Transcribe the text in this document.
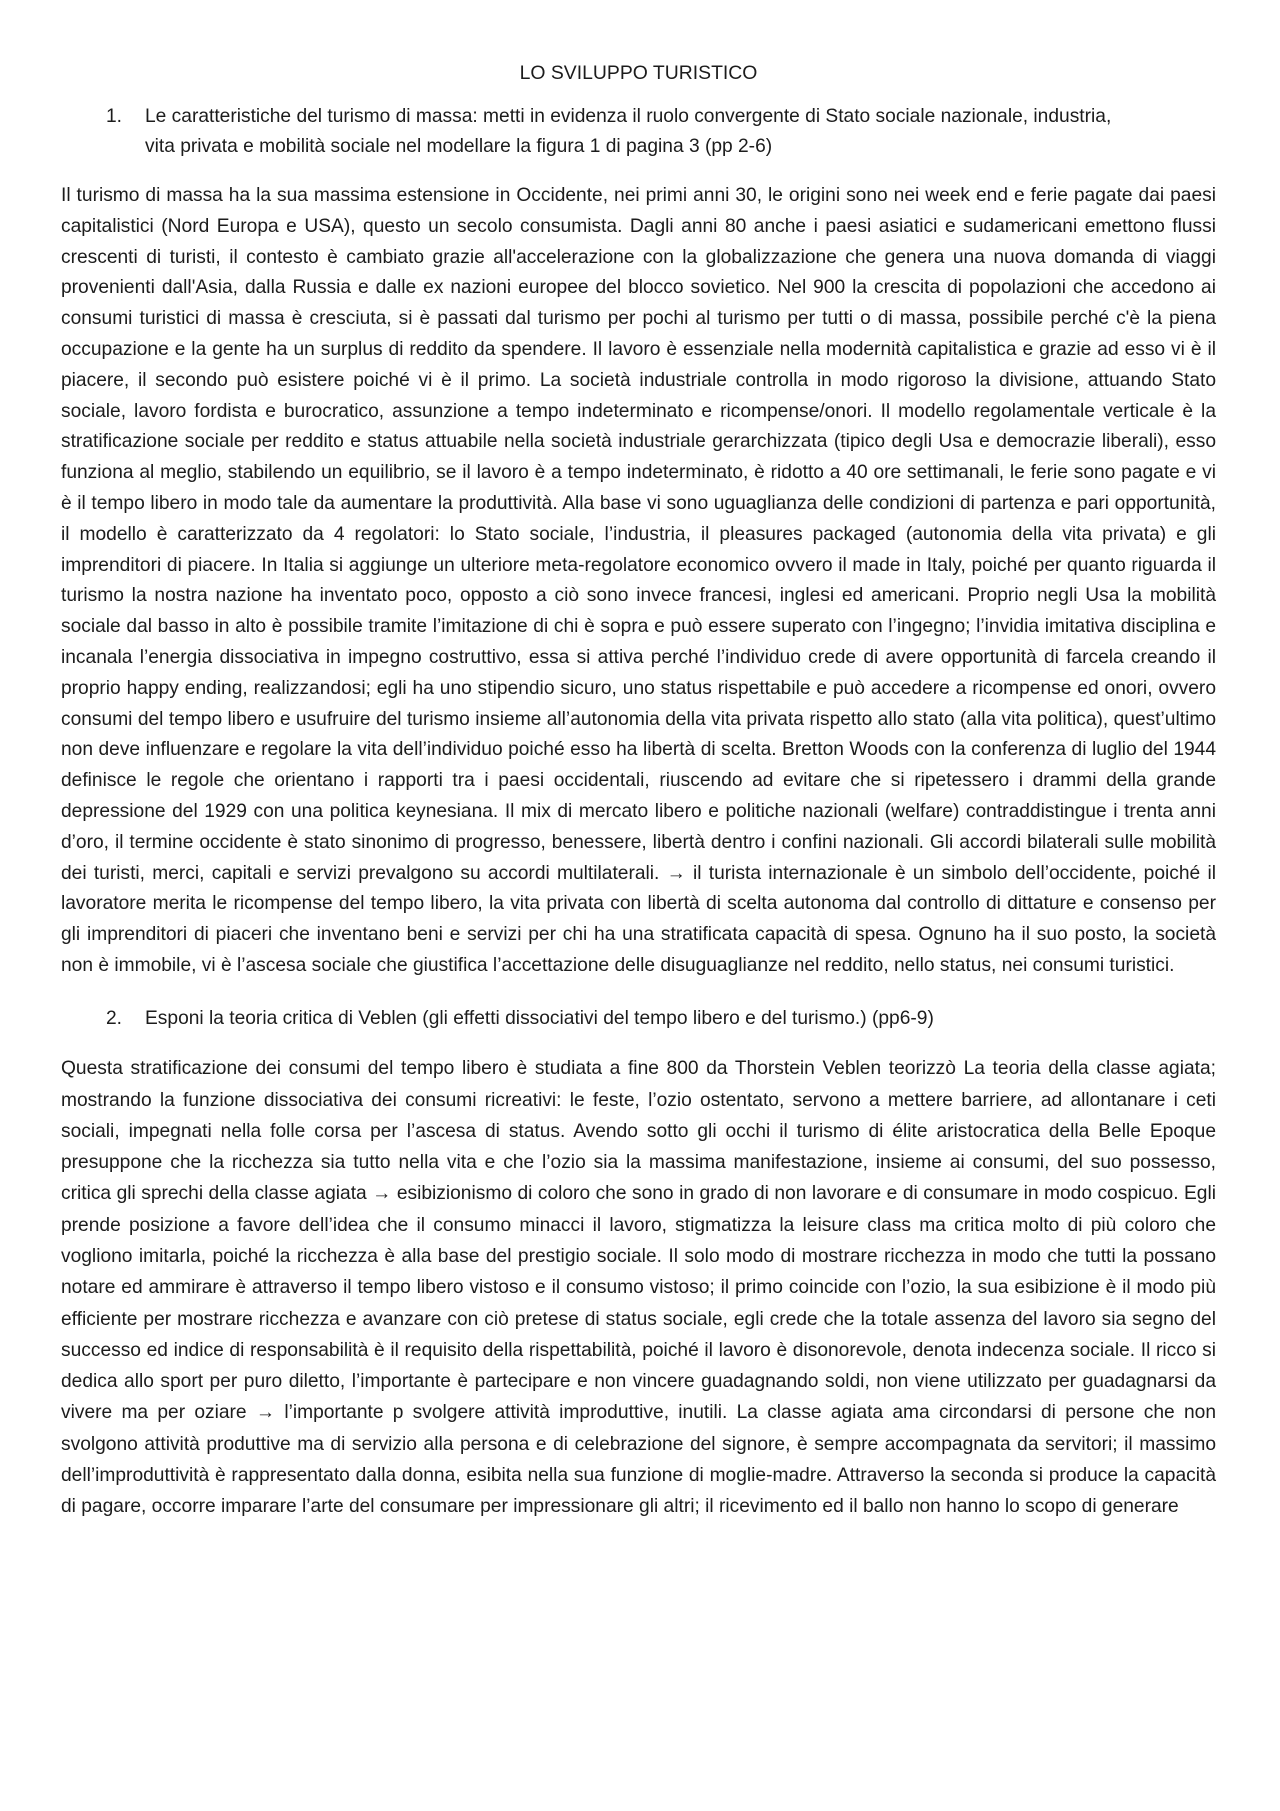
LO SVILUPPO TURISTICO
1.	Le caratteristiche del turismo di massa: metti in evidenza il ruolo convergente di Stato sociale nazionale, industria, vita privata e mobilità sociale nel modellare la figura 1 di pagina 3 (pp 2-6)

Il turismo di massa ha la sua massima estensione in Occidente, nei primi anni 30, le origini sono nei week end e ferie pagate dai paesi capitalistici (Nord Europa e USA), questo un secolo consumista. Dagli anni 80 anche i paesi asiatici e sudamericani emettono flussi crescenti di turisti, il contesto è cambiato grazie all'accelerazione con la globalizzazione che genera una nuova domanda di viaggi provenienti dall'Asia, dalla Russia e dalle ex nazioni europee del blocco sovietico. Nel 900 la crescita di popolazioni che accedono ai consumi turistici di massa è cresciuta, si è passati dal turismo per pochi al turismo per tutti o di massa, possibile perché c'è la piena occupazione e la gente ha un surplus di reddito da spendere. Il lavoro è essenziale nella modernità capitalistica e grazie ad esso vi è il piacere, il secondo può esistere poiché vi è il primo. La società industriale controlla in modo rigoroso la divisione, attuando Stato sociale, lavoro fordista e burocratico, assunzione a tempo indeterminato e ricompense/onori. Il modello regolamentale verticale è la stratificazione sociale per reddito e status attuabile nella società industriale gerarchizzata (tipico degli Usa e democrazie liberali), esso funziona al meglio, stabilendo un equilibrio, se il lavoro è a tempo indeterminato, è ridotto a 40 ore settimanali, le ferie sono pagate e vi è il tempo libero in modo tale da aumentare la produttività. Alla base vi sono uguaglianza delle condizioni di partenza e pari opportunità, il modello è caratterizzato da 4 regolatori: lo Stato sociale, l’industria, il pleasures packaged (autonomia della vita privata) e gli imprenditori di piacere. In Italia si aggiunge un ulteriore meta-regolatore economico ovvero il made in Italy, poiché per quanto riguarda il turismo la nostra nazione ha inventato poco, opposto a ciò sono invece francesi, inglesi ed americani. Proprio negli Usa la mobilità sociale dal basso in alto è possibile tramite l’imitazione di chi è sopra e può essere superato con l’ingegno; l’invidia imitativa disciplina e incanala l’energia dissociativa in impegno costruttivo, essa si attiva perché l’individuo crede di avere opportunità di farcela creando il proprio happy ending, realizzandosi; egli ha uno stipendio sicuro, uno status rispettabile e può accedere a ricompense ed onori, ovvero consumi del tempo libero e usufruire del turismo insieme all’autonomia della vita privata rispetto allo stato (alla vita politica), quest’ultimo non deve influenzare e regolare la vita dell’individuo poiché esso ha libertà di scelta. Bretton Woods con la conferenza di luglio del 1944 definisce le regole che orientano i rapporti tra i paesi occidentali, riuscendo ad evitare che si ripetessero i drammi della grande depressione del 1929 con una politica keynesiana. Il mix di mercato libero e politiche nazionali (welfare) contraddistingue i trenta anni d’oro, il termine occidente è stato sinonimo di progresso, benessere, libertà dentro i confini nazionali. Gli accordi bilaterali sulle mobilità dei turisti, merci, capitali e servizi prevalgono su accordi multilaterali. → il turista internazionale è un simbolo dell’occidente, poiché il lavoratore merita le ricompense del tempo libero, la vita privata con libertà di scelta autonoma dal controllo di dittature e consenso per gli imprenditori di piaceri che inventano beni e servizi per chi ha una stratificata capacità di spesa. Ognuno ha il suo posto, la società non è immobile, vi è l’ascesa sociale che giustifica l’accettazione delle disuguaglianze nel reddito, nello status, nei consumi turistici.

2.	Esponi la teoria critica di Veblen (gli effetti dissociativi del tempo libero e del turismo.) (pp6-9)

Questa stratificazione dei consumi del tempo libero è studiata a fine 800 da Thorstein Veblen teorizzò La teoria della classe agiata; mostrando la funzione dissociativa dei consumi ricreativi: le feste, l’ozio ostentato, servono a mettere barriere, ad allontanare i ceti sociali, impegnati nella folle corsa per l’ascesa di status. Avendo sotto gli occhi il turismo di élite aristocratica della Belle Epoque presuppone che la ricchezza sia tutto nella vita e che l’ozio sia la massima manifestazione, insieme ai consumi, del suo possesso, critica gli sprechi della classe agiata → esibizionismo di coloro che sono in grado di non lavorare e di consumare in modo cospicuo. Egli prende posizione a favore dell’idea che il consumo minacci il lavoro, stigmatizza la leisure class ma critica molto di più coloro che vogliono imitarla, poiché la ricchezza è alla base del prestigio sociale. Il solo modo di mostrare ricchezza in modo che tutti la possano notare ed ammirare è attraverso il tempo libero vistoso e il consumo vistoso; il primo coincide con l’ozio, la sua esibizione è il modo più efficiente per mostrare ricchezza e avanzare con ciò pretese di status sociale, egli crede che la totale assenza del lavoro sia segno del successo ed indice di responsabilità è il requisito della rispettabilità, poiché il lavoro è disonorevole, denota indecenza sociale. Il ricco si dedica allo sport per puro diletto, l’importante è partecipare e non vincere guadagnando soldi, non viene utilizzato per guadagnarsi da vivere ma per oziare → l’importante p svolgere attività improduttive, inutili. La classe agiata ama circondarsi di persone che non svolgono attività produttive ma di servizio alla persona e di celebrazione del signore, è sempre accompagnata da servitori; il massimo dell’improduttività è rappresentato dalla donna, esibita nella sua funzione di moglie-madre. Attraverso la seconda si produce la capacità di pagare, occorre imparare l’arte del consumare per impressionare gli altri; il ricevimento ed il ballo non hanno lo scopo di generare
